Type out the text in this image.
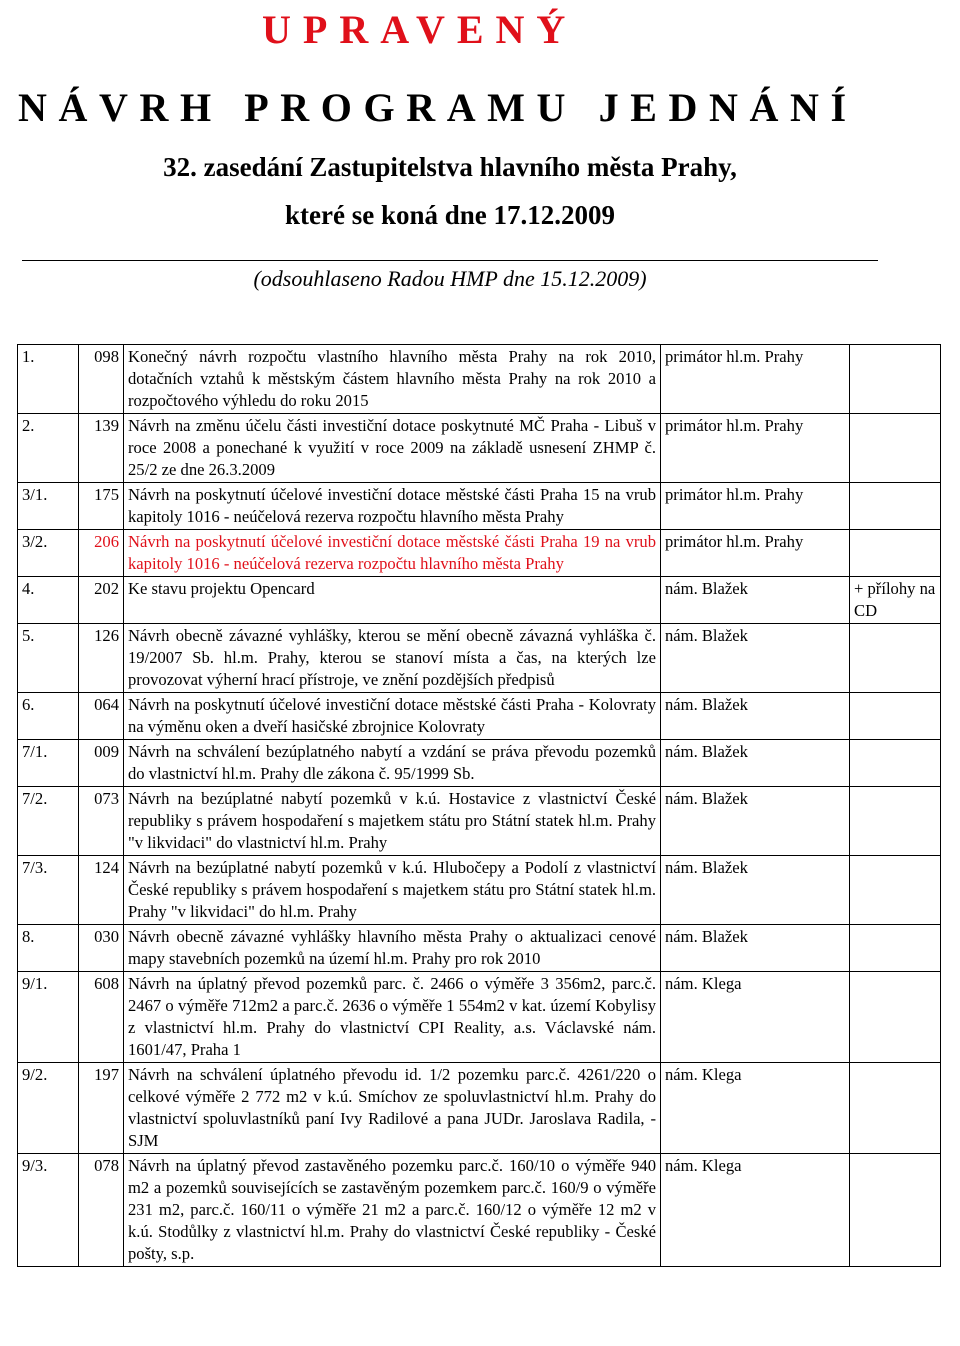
UPRAVENÝ
NÁVRH PROGRAMU JEDNÁNÍ
32. zasedání Zastupitelstva hlavního města Prahy,
které se koná dne 17.12.2009
(odsouhlaseno Radou HMP dne 15.12.2009)
1.	098	Konečný návrh rozpočtu vlastního hlavního města Prahy na rok 2010, dotačních vztahů k městským částem hlavního města Prahy na rok 2010 a rozpočtového výhledu do roku 2015	primátor hl.m. Prahy	
2.	139	Návrh na změnu účelu části investiční dotace poskytnuté MČ Praha - Libuš v roce 2008 a ponechané k využití v roce 2009 na základě usnesení ZHMP č. 25/2 ze dne 26.3.2009	primátor hl.m. Prahy	
3/1.	175	Návrh na poskytnutí účelové investiční dotace městské části Praha 15 na vrub kapitoly 1016 - neúčelová rezerva rozpočtu hlavního města Prahy	primátor hl.m. Prahy	
3/2.	206	Návrh na poskytnutí účelové investiční dotace městské části Praha 19 na vrub kapitoly 1016 - neúčelová rezerva rozpočtu hlavního města Prahy	primátor hl.m. Prahy	
4.	202	Ke stavu projektu Opencard	nám. Blažek	+ přílohy na CD
5.	126	Návrh obecně závazné vyhlášky, kterou se mění obecně závazná vyhláška č. 19/2007 Sb. hl.m. Prahy, kterou se stanoví místa a čas, na kterých lze provozovat výherní hrací přístroje, ve znění pozdějších předpisů	nám. Blažek	
6.	064	Návrh na poskytnutí účelové investiční dotace městské části Praha - Kolovraty na výměnu oken a dveří hasičské zbrojnice Kolovraty	nám. Blažek	
7/1.	009	Návrh na schválení bezúplatného nabytí a vzdání se práva převodu pozemků do vlastnictví hl.m. Prahy dle zákona č. 95/1999 Sb.	nám. Blažek	
7/2.	073	Návrh na bezúplatné nabytí pozemků v k.ú. Hostavice z vlastnictví České republiky s právem hospodaření s majetkem státu pro Státní statek hl.m. Prahy "v likvidaci" do vlastnictví hl.m. Prahy	nám. Blažek	
7/3.	124	Návrh na bezúplatné nabytí pozemků v k.ú. Hlubočepy a Podolí z vlastnictví České republiky s právem hospodaření s majetkem státu pro Státní statek hl.m. Prahy "v likvidaci" do hl.m. Prahy	nám. Blažek	
8.	030	Návrh obecně závazné vyhlášky hlavního města Prahy o aktualizaci cenové mapy stavebních pozemků na území hl.m. Prahy pro rok 2010	nám. Blažek	
9/1.	608	Návrh na úplatný převod pozemků parc. č. 2466 o výměře 3 356m2, parc.č. 2467 o výměře 712m2 a parc.č. 2636 o výměře 1 554m2 v kat. území Kobylisy z vlastnictví hl.m. Prahy do vlastnictví CPI Reality, a.s. Václavské nám. 1601/47, Praha 1	nám. Klega	
9/2.	197	Návrh na schválení úplatného převodu id. 1/2 pozemku parc.č. 4261/220 o celkové výměře 2 772 m2 v k.ú. Smíchov ze spoluvlastnictví hl.m. Prahy do vlastnictví spoluvlastníků paní Ivy Radilové a pana JUDr. Jaroslava Radila, - SJM	nám. Klega	
9/3.	078	Návrh na úplatný převod zastavěného pozemku parc.č. 160/10 o výměře 940 m2 a pozemků souvisejících se zastavěným pozemkem parc.č. 160/9 o výměře 231 m2, parc.č. 160/11 o výměře 21 m2 a parc.č. 160/12 o výměře 12 m2 v k.ú. Stodůlky z vlastnictví hl.m. Prahy do vlastnictví České republiky - České pošty, s.p.	nám. Klega	
